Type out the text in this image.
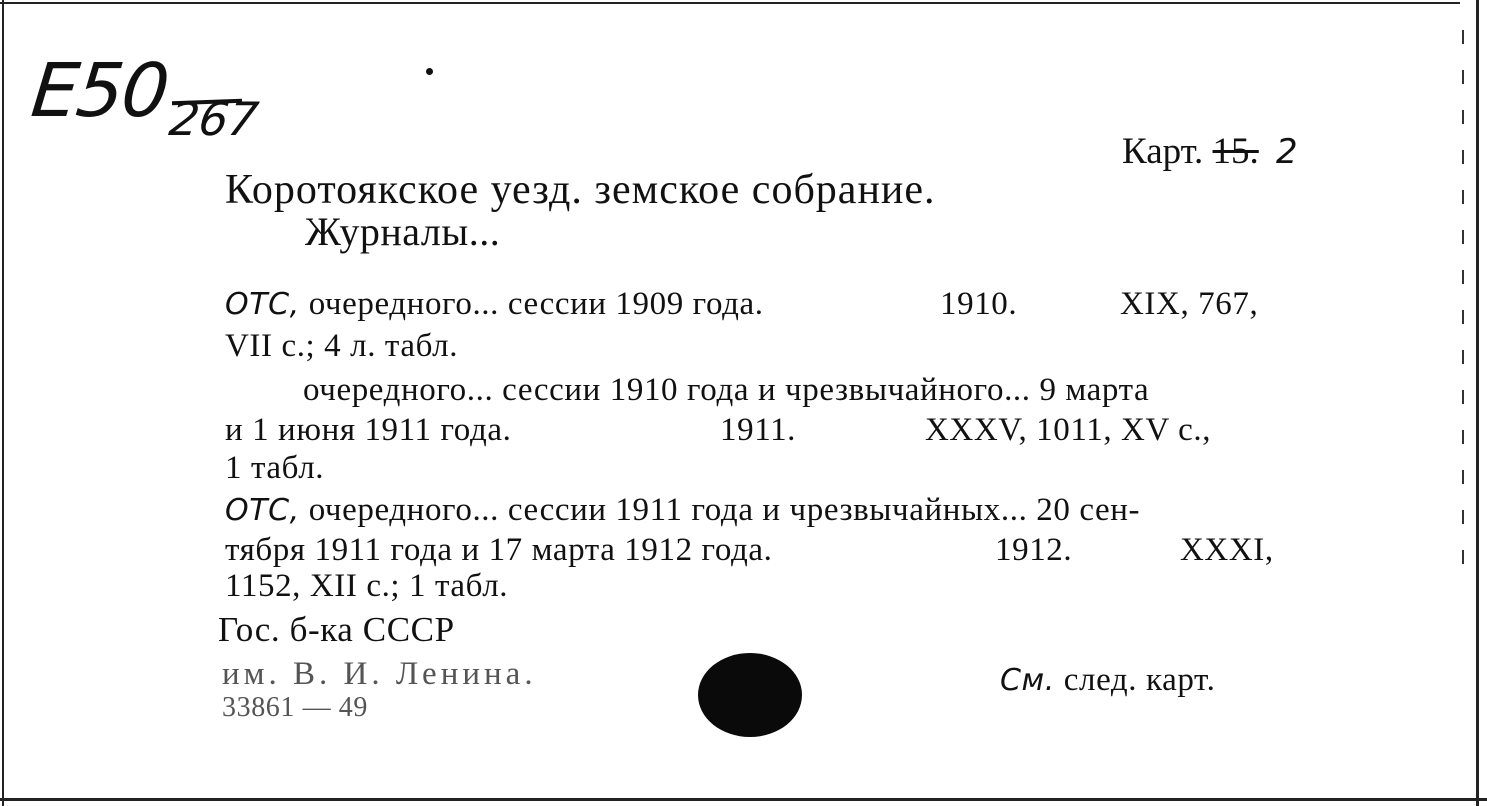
E50
267
Карт. 15. 2
Коротоякское уезд. земское собрание.
Журналы...
ОТС, очередного... сессии 1909 года.	1910.	XIX, 767,
VII с.; 4 л. табл.
очередного... сессии 1910 года и чрезвычайного... 9 марта
и 1 июня 1911 года.	1911.	XXXV, 1011, XV с.,
1 табл.
ОТС, очередного... сессии 1911 года и чрезвычайных... 20 сен-
тября 1911 года и 17 марта 1912 года.	1912.	XXXI,
1152, XII с.; 1 табл.
Гос. б-ка СССР
им. В. И. Ленина.
33861 — 49
См. след. карт.
